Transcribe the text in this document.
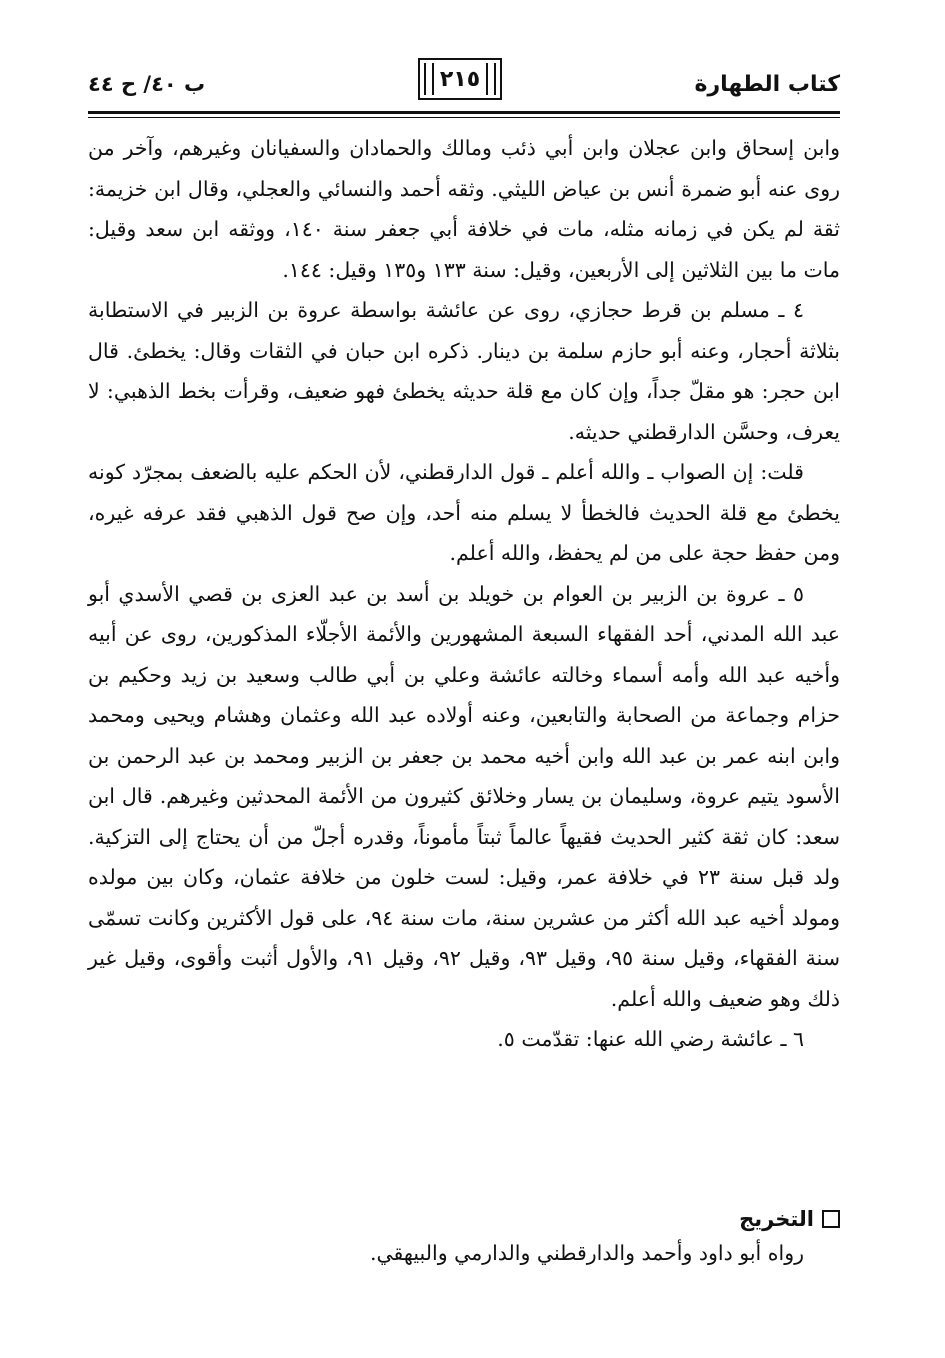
كتاب الطهارة
٢١٥
ب ٤٠/ ح ٤٤

وابن إسحاق وابن عجلان وابن أبي ذئب ومالك والحمادان والسفيانان وغيرهم، وآخر من روى عنه أبو ضمرة أنس بن عياض الليثي. وثقه أحمد والنسائي والعجلي، وقال ابن خزيمة: ثقة لم يكن في زمانه مثله، مات في خلافة أبي جعفر سنة ١٤٠، ووثقه ابن سعد وقيل: مات ما بين الثلاثين إلى الأربعين، وقيل: سنة ١٣٣ و١٣٥ وقيل: ١٤٤.

٤ ـ مسلم بن قرط حجازي، روى عن عائشة بواسطة عروة بن الزبير في الاستطابة بثلاثة أحجار، وعنه أبو حازم سلمة بن دينار. ذكره ابن حبان في الثقات وقال: يخطئ. قال ابن حجر: هو مقلّ جداً، وإن كان مع قلة حديثه يخطئ فهو ضعيف، وقرأت بخط الذهبي: لا يعرف، وحسَّن الدارقطني حديثه.

قلت: إن الصواب ـ والله أعلم ـ قول الدارقطني، لأن الحكم عليه بالضعف بمجرّد كونه يخطئ مع قلة الحديث فالخطأ لا يسلم منه أحد، وإن صح قول الذهبي فقد عرفه غيره، ومن حفظ حجة على من لم يحفظ، والله أعلم.

٥ ـ عروة بن الزبير بن العوام بن خويلد بن أسد بن عبد العزى بن قصي الأسدي أبو عبد الله المدني، أحد الفقهاء السبعة المشهورين والأئمة الأجلّاء المذكورين، روى عن أبيه وأخيه عبد الله وأمه أسماء وخالته عائشة وعلي بن أبي طالب وسعيد بن زيد وحكيم بن حزام وجماعة من الصحابة والتابعين، وعنه أولاده عبد الله وعثمان وهشام ويحيى ومحمد وابن ابنه عمر بن عبد الله وابن أخيه محمد بن جعفر بن الزبير ومحمد بن عبد الرحمن بن الأسود يتيم عروة، وسليمان بن يسار وخلائق كثيرون من الأئمة المحدثين وغيرهم. قال ابن سعد: كان ثقة كثير الحديث فقيهاً عالماً ثبتاً مأموناً، وقدره أجلّ من أن يحتاج إلى التزكية. ولد قبل سنة ٢٣ في خلافة عمر، وقيل: لست خلون من خلافة عثمان، وكان بين مولده ومولد أخيه عبد الله أكثر من عشرين سنة، مات سنة ٩٤، على قول الأكثرين وكانت تسمّى سنة الفقهاء، وقيل سنة ٩٥، وقيل ٩٣، وقيل ٩٢، وقيل ٩١، والأول أثبت وأقوى، وقيل غير ذلك وهو ضعيف والله أعلم.

٦ ـ عائشة رضي الله عنها: تقدّمت ٥.

التخريج
رواه أبو داود وأحمد والدارقطني والدارمي والبيهقي.
